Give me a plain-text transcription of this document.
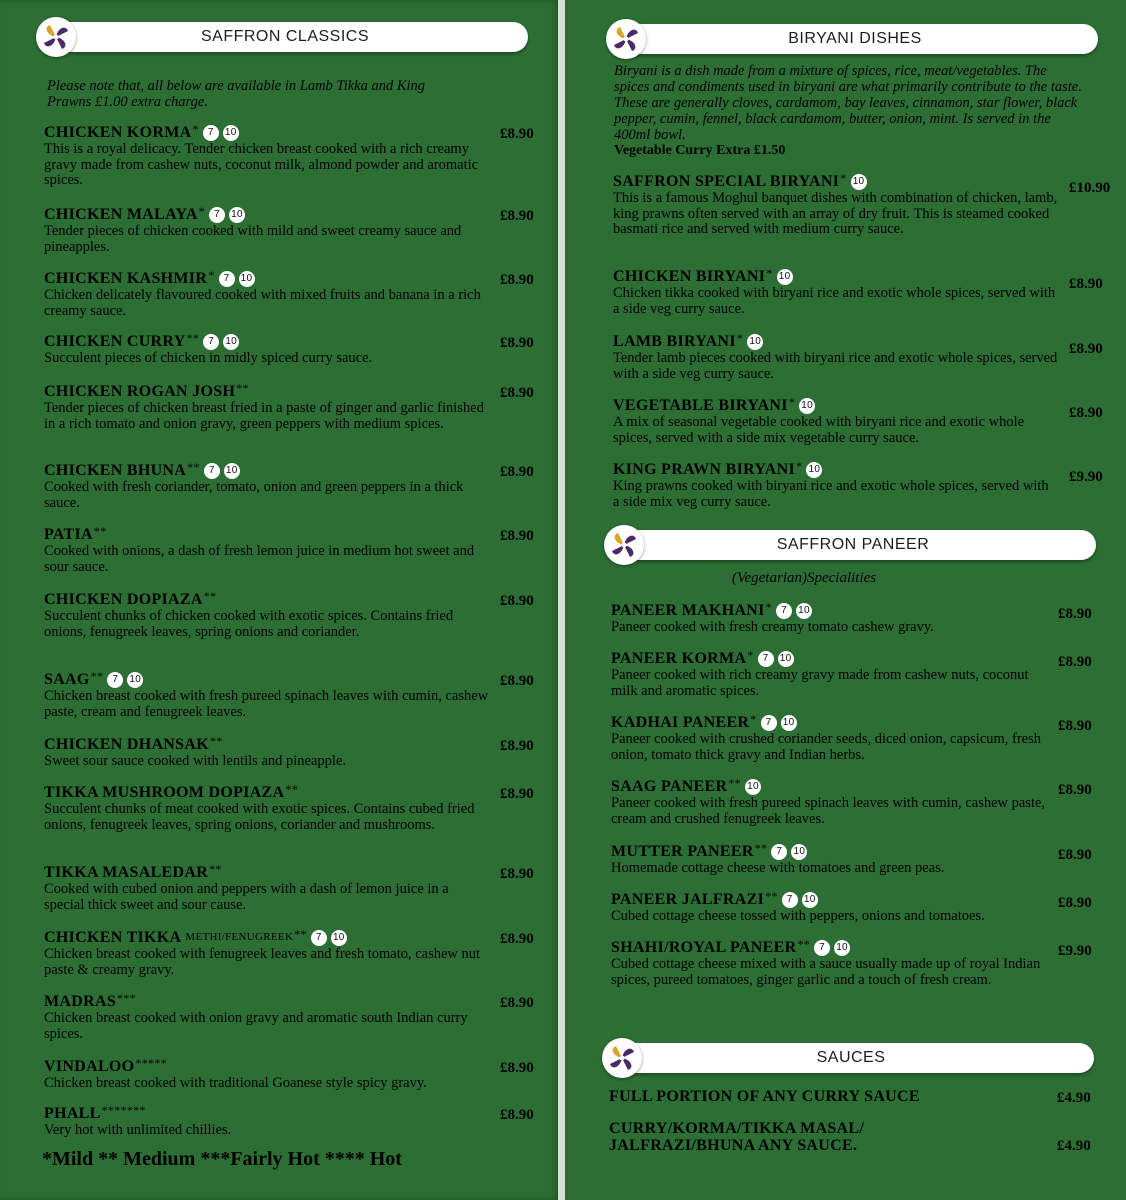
SAFFRON CLASSICS
Please note that, all below are available in Lamb Tikka and King Prawns £1.00 extra charge.
CHICKEN KORMA * 7	10
This is a royal delicacy. Tender chicken breast cooked with a rich creamy gravy made from cashew nuts, coconut milk, almond powder and aromatic spices.
£8.90
CHICKEN MALAYA * 7	10
Tender pieces of chicken cooked with mild and sweet creamy sauce and pineapples.
£8.90
CHICKEN KASHMIR * 7	10
Chicken delicately flavoured cooked with mixed fruits and banana in a rich creamy sauce.
£8.90
CHICKEN CURRY ** 7	10
Succulent pieces of chicken in midly spiced curry sauce.
£8.90
CHICKEN ROGAN JOSH **
Tender pieces of chicken breast fried in a paste of ginger and garlic finished in a rich tomato and onion gravy, green peppers with medium spices.
£8.90
CHICKEN BHUNA ** 7	10
Cooked with fresh coriander, tomato, onion and green peppers in a thick sauce.
£8.90
PATIA **
Cooked with onions, a dash of fresh lemon juice in medium hot sweet and sour sauce.
£8.90
CHICKEN DOPIAZA **
Succulent chunks of chicken cooked with exotic spices. Contains fried onions, fenugreek leaves, spring onions and coriander.
£8.90
SAAG ** 7	10
Chicken breast cooked with fresh pureed spinach leaves with cumin, cashew paste, cream and fenugreek leaves.
£8.90
CHICKEN DHANSAK **
Sweet sour sauce cooked with lentils and pineapple.
£8.90
TIKKA MUSHROOM DOPIAZA **
Succulent chunks of meat cooked with exotic spices. Contains cubed fried onions, fenugreek leaves, spring onions, coriander and mushrooms.
£8.90
TIKKA MASALEDAR **
Cooked with cubed onion and peppers with a dash of lemon juice in a special thick sweet and sour cause.
£8.90
CHICKEN TIKKA METHI/FENUGREEK ** 7	10
Chicken breast cooked with fenugreek leaves and fresh tomato, cashew nut paste & creamy gravy.
£8.90
MADRAS ***
Chicken breast cooked with onion gravy and aromatic south Indian curry spices.
£8.90
VINDALOO *****
Chicken breast cooked with traditional Goanese style spicy gravy.
£8.90
PHALL *******
Very hot with unlimited chillies.
£8.90
*Mild ** Medium ***Fairly Hot **** Hot
BIRYANI DISHES
Biryani is a dish made from a mixture of spices, rice, meat/vegetables. The spices and condiments used in biryani are what primarily contribute to the taste. These are generally cloves, cardamom, bay leaves, cinnamon, star flower, black pepper, cumin, fennel, black cardamom, butter, onion, mint. Is served in the 400ml bowl.
Vegetable Curry Extra £1.50
SAFFRON SPECIAL BIRYANI * 10
This is a famous Moghul banquet dishes with combination of chicken, lamb, king prawns often served with an array of dry fruit. This is steamed cooked basmati rice and served with medium curry sauce.
£10.90
CHICKEN BIRYANI * 10
Chicken tikka cooked with biryani rice and exotic whole spices, served with a side veg curry sauce.
£8.90
LAMB BIRYANI * 10
Tender lamb pieces cooked with biryani rice and exotic whole spices, served with a side veg curry sauce.
£8.90
VEGETABLE BIRYANI * 10
A mix of seasonal vegetable cooked with biryani rice and exotic whole spices, served with a side mix vegetable curry sauce.
£8.90
KING PRAWN BIRYANI * 10
King prawns cooked with biryani rice and exotic whole spices, served with a side mix veg curry sauce.
£9.90
SAFFRON PANEER
(Vegetarian)Specialities
PANEER MAKHANI * 7	10
Paneer cooked with fresh creamy tomato cashew gravy.
£8.90
PANEER KORMA * 7	10
Paneer cooked with rich creamy gravy made from cashew nuts, coconut milk and aromatic spices.
£8.90
KADHAI PANEER * 7	10
Paneer cooked with crushed coriander seeds, diced onion, capsicum, fresh onion, tomato thick gravy and Indian herbs.
£8.90
SAAG PANEER ** 10
Paneer cooked with fresh pureed spinach leaves with cumin, cashew paste, cream and crushed fenugreek leaves.
£8.90
MUTTER PANEER ** 7	10
Homemade cottage cheese with tomatoes and green peas.
£8.90
PANEER JALFRAZI ** 7	10
Cubed cottage cheese tossed with peppers, onions and tomatoes.
£8.90
SHAHI/ROYAL PANEER ** 7	10
Cubed cottage cheese mixed with a sauce usually made up of royal Indian spices, pureed tomatoes, ginger garlic and a touch of fresh cream.
£9.90
SAUCES
FULL PORTION OF ANY CURRY SAUCE	£4.90
CURRY/KORMA/TIKKA MASAL/ JALFRAZI/BHUNA ANY SAUCE.	£4.90
